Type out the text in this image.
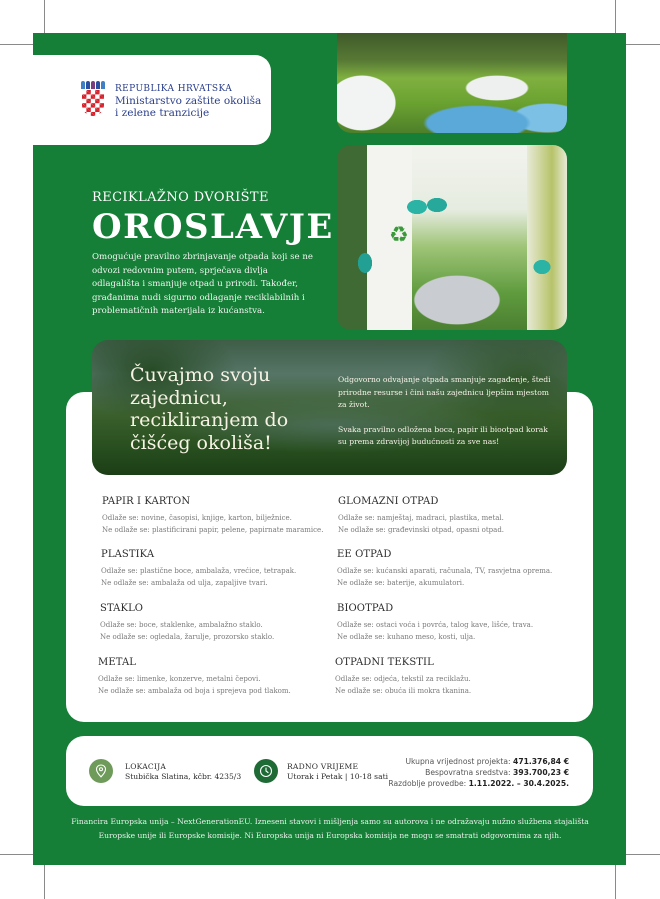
REPUBLIKA HRVATSKA
Ministarstvo zaštite okoliša
i zelene tranzicije
♻
RECIKLAŽNO DVORIŠTE
OROSLAVJE
Omogućuje pravilno zbrinjavanje otpada koji se ne odvozi redovnim putem, sprječava divlja odlagališta i smanjuje otpad u prirodi. Također, građanima nudi sigurno odlaganje reciklabilnih i problematičnih materijala iz kućanstva.
Čuvajmo svoju zajednicu, recikliranjem do čišćeg okoliša!

Odgovorno odvajanje otpada smanjuje zagađenje, štedi prirodne resurse i čini našu zajednicu ljepšim mjestom za život.

Svaka pravilno odložena boca, papir ili biootpad korak su prema zdravijoj budućnosti za sve nas!

PAPIR I KARTON
Odlaže se: novine, časopisi, knjige, karton, bilježnice.
Ne odlaže se: plastificirani papir, pelene, papirnate maramice.
GLOMAZNI OTPAD
Odlaže se: namještaj, madraci, plastika, metal.
Ne odlaže se: građevinski otpad, opasni otpad.
PLASTIKA
Odlaže se: plastične boce, ambalaža, vrećice, tetrapak.
Ne odlaže se: ambalaža od ulja, zapaljive tvari.
EE OTPAD
Odlaže se: kućanski aparati, računala, TV, rasvjetna oprema.
Ne odlaže se: baterije, akumulatori.
STAKLO
Odlaže se: boce, staklenke, ambalažno staklo.
Ne odlaže se: ogledala, žarulje, prozorsko staklo.
BIOOTPAD
Odlaže se: ostaci voća i povrća, talog kave, lišće, trava.
Ne odlaže se: kuhano meso, kosti, ulja.
METAL
Odlaže se: limenke, konzerve, metalni čepovi.
Ne odlaže se: ambalaža od boja i sprejeva pod tlakom.
OTPADNI TEKSTIL
Odlaže se: odjeća, tekstil za reciklažu.
Ne odlaže se: obuća ili mokra tkanina.
LOKACIJA
Stubička Slatina, kčbr. 4235/3
RADNO VRIJEME
Utorak i Petak | 10-18 sati
Ukupna vrijednost projekta: 471.376,84 €
Bespovratna sredstva: 393.700,23 €
Razdoblje provedbe: 1.11.2022. – 30.4.2025.
Financira Europska unija – NextGenerationEU. Izneseni stavovi i mišljenja samo su autorova i ne odražavaju nužno službena stajališta Europske unije ili Europske komisije. Ni Europska unija ni Europska komisija ne mogu se smatrati odgovornima za njih.
